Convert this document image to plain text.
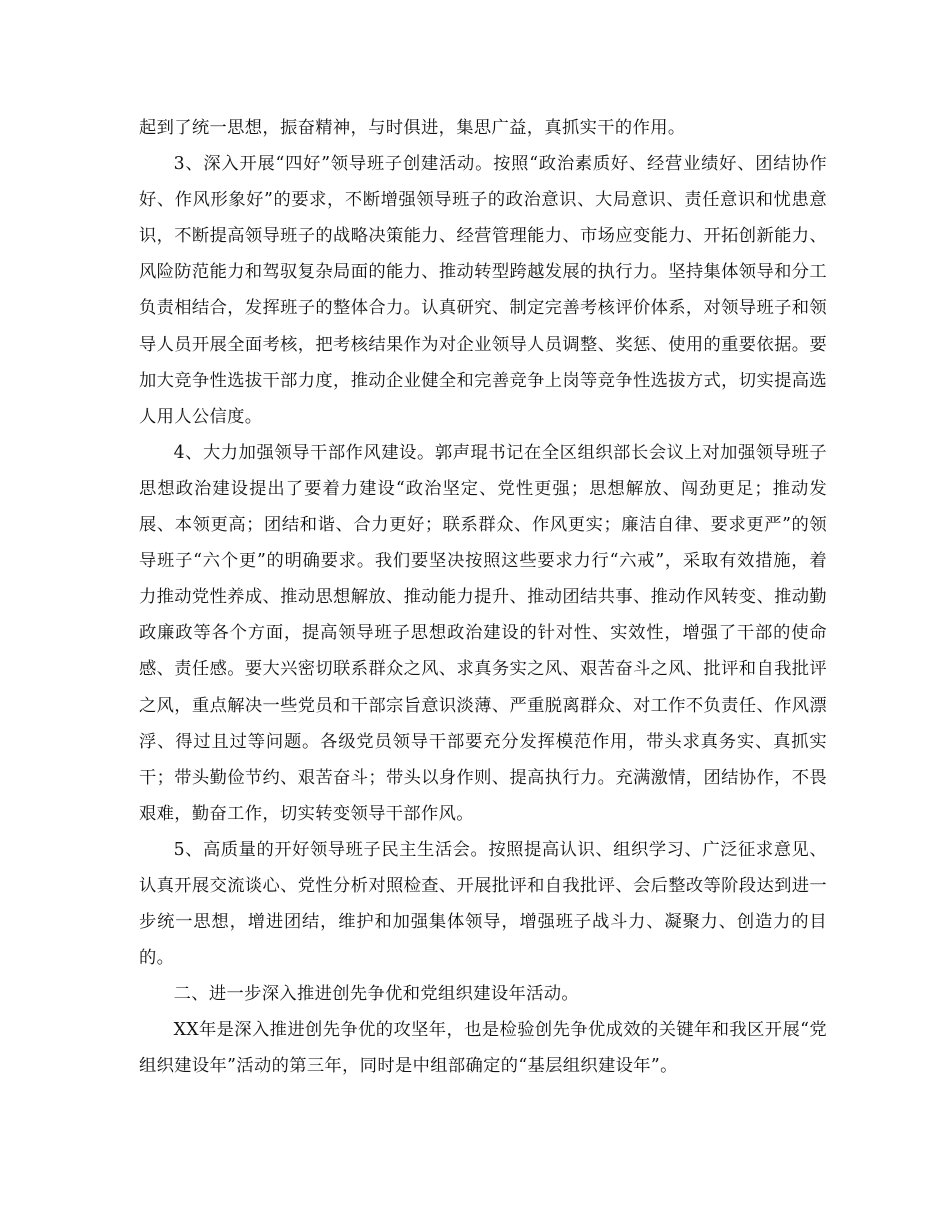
起到了统一思想，振奋精神，与时俱进，集思广益，真抓实干的作用。

3、深入开展“四好”领导班子创建活动。按照“政治素质好、经营业绩好、团结协作好、作风形象好”的要求，不断增强领导班子的政治意识、大局意识、责任意识和忧患意识，不断提高领导班子的战略决策能力、经营管理能力、市场应变能力、开拓创新能力、风险防范能力和驾驭复杂局面的能力、推动转型跨越发展的执行力。坚持集体领导和分工负责相结合，发挥班子的整体合力。认真研究、制定完善考核评价体系，对领导班子和领导人员开展全面考核，把考核结果作为对企业领导人员调整、奖惩、使用的重要依据。要加大竞争性选拔干部力度，推动企业健全和完善竞争上岗等竞争性选拔方式，切实提高选人用人公信度。

4、大力加强领导干部作风建设。郭声琨书记在全区组织部长会议上对加强领导班子思想政治建设提出了要着力建设“政治坚定、党性更强；思想解放、闯劲更足；推动发展、本领更高；团结和谐、合力更好；联系群众、作风更实；廉洁自律、要求更严”的领导班子“六个更”的明确要求。我们要坚决按照这些要求力行“六戒”，采取有效措施，着力推动党性养成、推动思想解放、推动能力提升、推动团结共事、推动作风转变、推动勤政廉政等各个方面，提高领导班子思想政治建设的针对性、实效性，增强了干部的使命感、责任感。要大兴密切联系群众之风、求真务实之风、艰苦奋斗之风、批评和自我批评之风，重点解决一些党员和干部宗旨意识淡薄、严重脱离群众、对工作不负责任、作风漂浮、得过且过等问题。各级党员领导干部要充分发挥模范作用，带头求真务实、真抓实干；带头勤俭节约、艰苦奋斗；带头以身作则、提高执行力。充满激情，团结协作，不畏艰难，勤奋工作，切实转变领导干部作风。

5、高质量的开好领导班子民主生活会。按照提高认识、组织学习、广泛征求意见、认真开展交流谈心、党性分析对照检查、开展批评和自我批评、会后整改等阶段达到进一步统一思想，增进团结，维护和加强集体领导，增强班子战斗力、凝聚力、创造力的目的。

二、进一步深入推进创先争优和党组织建设年活动。

XX年是深入推进创先争优的攻坚年，也是检验创先争优成效的关键年和我区开展“党组织建设年”活动的第三年，同时是中组部确定的“基层组织建设年”。
